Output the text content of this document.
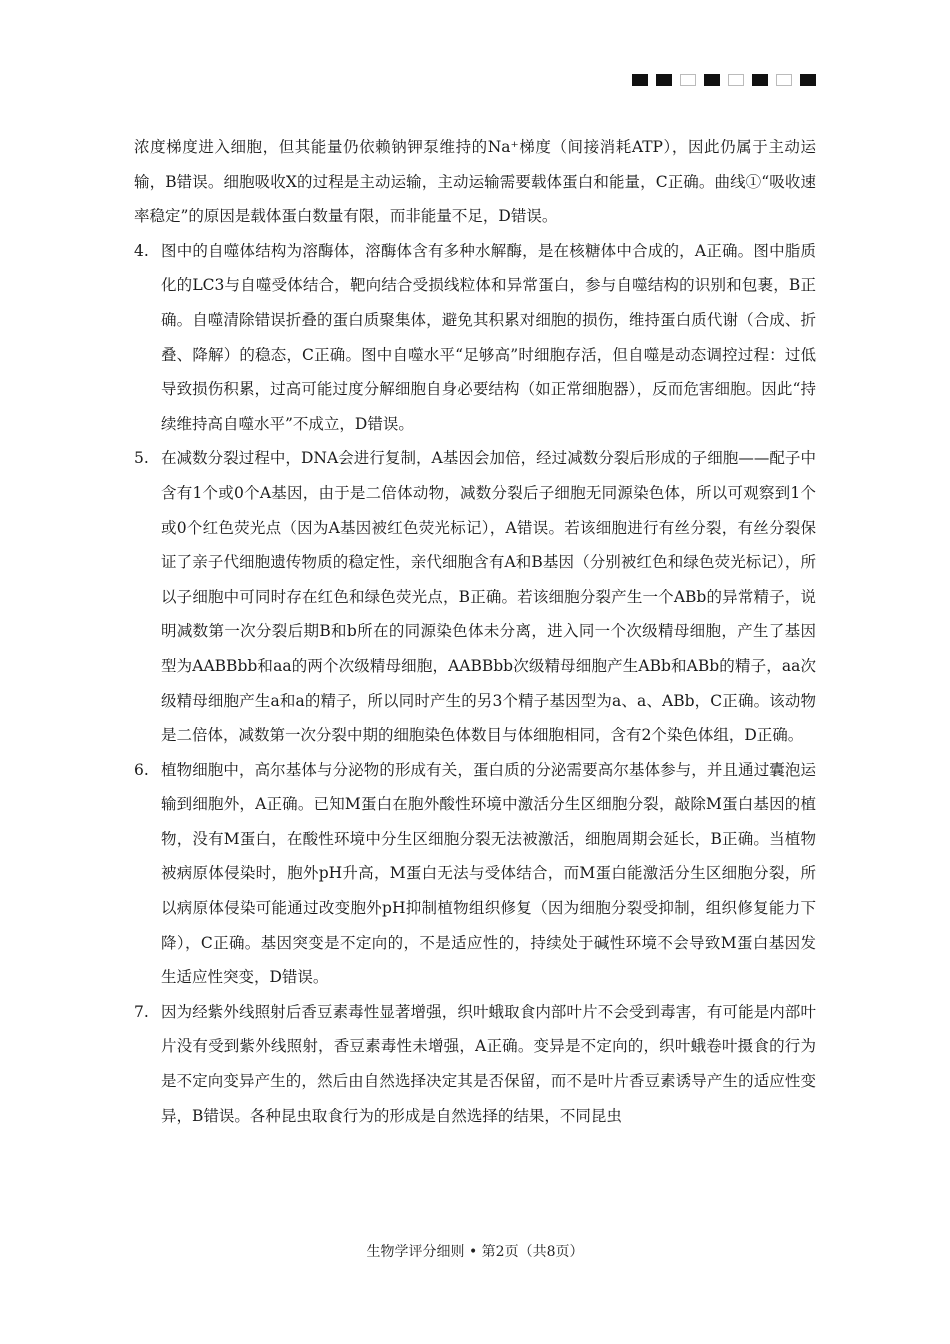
浓度梯度进入细胞，但其能量仍依赖钠钾泵维持的Na⁺梯度（间接消耗ATP），因此仍属于主动运输，B错误。细胞吸收X的过程是主动运输，主动运输需要载体蛋白和能量，C正确。曲线①“吸收速率稳定”的原因是载体蛋白数量有限，而非能量不足，D错误。

4. 图中的自噬体结构为溶酶体，溶酶体含有多种水解酶，是在核糖体中合成的，A正确。图中脂质化的LC3与自噬受体结合，靶向结合受损线粒体和异常蛋白，参与自噬结构的识别和包裹，B正确。自噬清除错误折叠的蛋白质聚集体，避免其积累对细胞的损伤，维持蛋白质代谢（合成、折叠、降解）的稳态，C正确。图中自噬水平“足够高”时细胞存活，但自噬是动态调控过程：过低导致损伤积累，过高可能过度分解细胞自身必要结构（如正常细胞器），反而危害细胞。因此“持续维持高自噬水平”不成立，D错误。

5. 在减数分裂过程中，DNA会进行复制，A基因会加倍，经过减数分裂后形成的子细胞——配子中含有1个或0个A基因，由于是二倍体动物，减数分裂后子细胞无同源染色体，所以可观察到1个或0个红色荧光点（因为A基因被红色荧光标记），A错误。若该细胞进行有丝分裂，有丝分裂保证了亲子代细胞遗传物质的稳定性，亲代细胞含有A和B基因（分别被红色和绿色荧光标记），所以子细胞中可同时存在红色和绿色荧光点，B正确。若该细胞分裂产生一个ABb的异常精子，说明减数第一次分裂后期B和b所在的同源染色体未分离，进入同一个次级精母细胞，产生了基因型为AABBbb和aa的两个次级精母细胞，AABBbb次级精母细胞产生ABb和ABb的精子，aa次级精母细胞产生a和a的精子，所以同时产生的另3个精子基因型为a、a、ABb，C正确。该动物是二倍体，减数第一次分裂中期的细胞染色体数目与体细胞相同，含有2个染色体组，D正确。

6. 植物细胞中，高尔基体与分泌物的形成有关，蛋白质的分泌需要高尔基体参与，并且通过囊泡运输到细胞外，A正确。已知M蛋白在胞外酸性环境中激活分生区细胞分裂，敲除M蛋白基因的植物，没有M蛋白，在酸性环境中分生区细胞分裂无法被激活，细胞周期会延长，B正确。当植物被病原体侵染时，胞外pH升高，M蛋白无法与受体结合，而M蛋白能激活分生区细胞分裂，所以病原体侵染可能通过改变胞外pH抑制植物组织修复（因为细胞分裂受抑制，组织修复能力下降），C正确。基因突变是不定向的，不是适应性的，持续处于碱性环境不会导致M蛋白基因发生适应性突变，D错误。

7. 因为经紫外线照射后香豆素毒性显著增强，织叶蛾取食内部叶片不会受到毒害，有可能是内部叶片没有受到紫外线照射，香豆素毒性未增强，A正确。变异是不定向的，织叶蛾卷叶摄食的行为是不定向变异产生的，然后由自然选择决定其是否保留，而不是叶片香豆素诱导产生的适应性变异，B错误。各种昆虫取食行为的形成是自然选择的结果，不同昆虫

生物学评分细则 • 第2页（共8页）
